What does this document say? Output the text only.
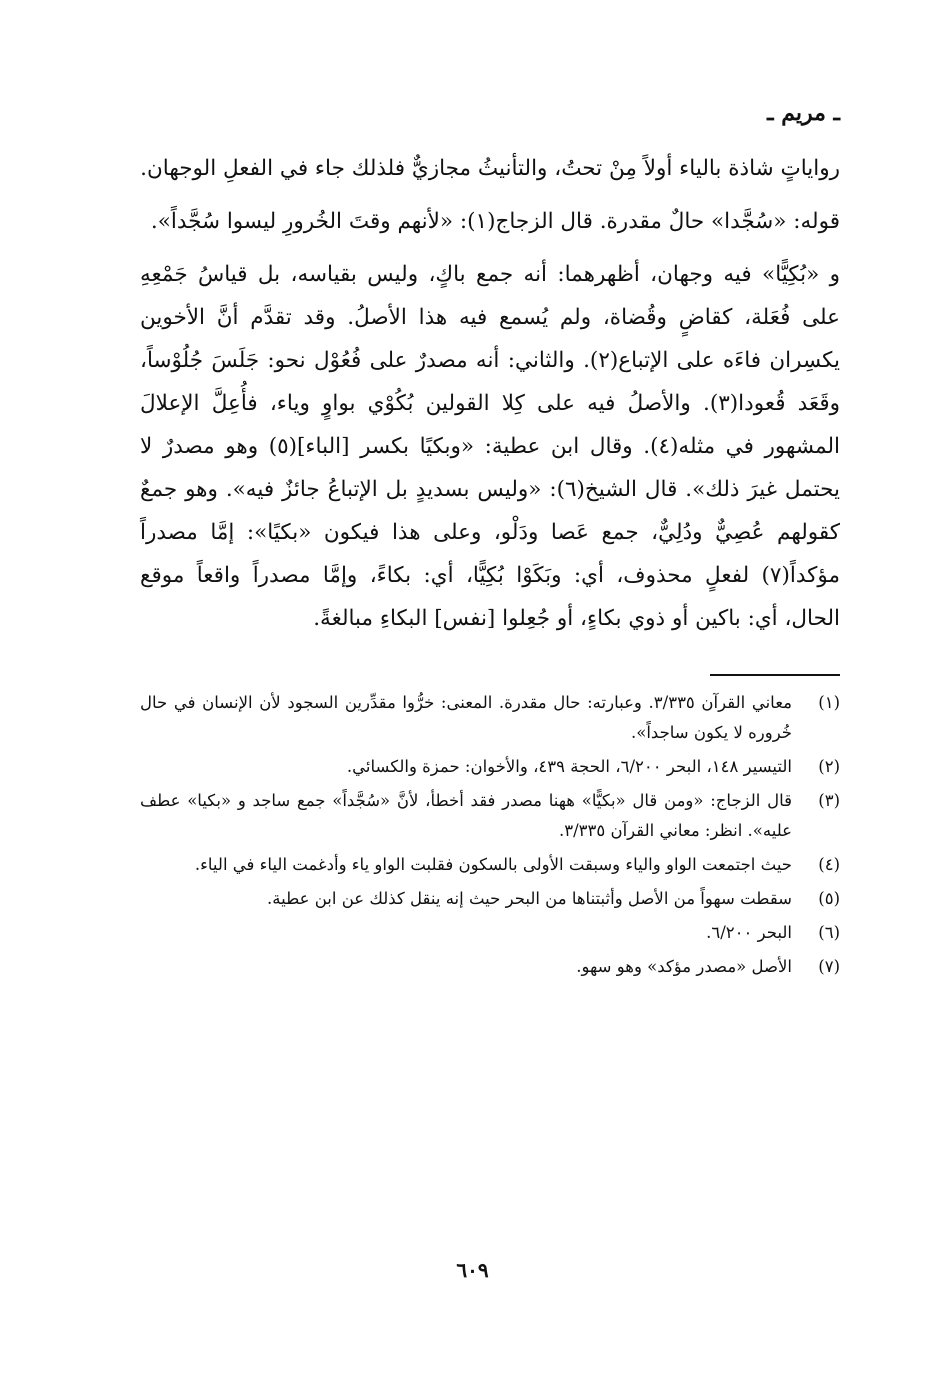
ـ مريم ـ

رواياتٍ شاذة بالياء أولاً مِنْ تحتُ، والتأنيثُ مجازيٌّ فلذلك جاء في الفعلِ الوجهان.

قوله: «سُجَّدا» حالٌ مقدرة. قال الزجاج(١): «لأنهم وقتَ الخُرورِ ليسوا سُجَّداً».

و «بُكِيًّا» فيه وجهان، أظهرهما: أنه جمع باكٍ، وليس بقياسه، بل قياسُ جَمْعِهِ على فُعَلة، كقاضٍ وقُضاة، ولم يُسمع فيه هذا الأصلُ. وقد تقدَّم أنَّ الأخوين يكسِران فاءَه على الإتباع(٢). والثاني: أنه مصدرٌ على فُعُوْل نحو: جَلَسَ جُلُوْساً، وقَعَد قُعودا(٣). والأصلُ فيه على كِلا القولين بُكُوْي بواوٍ وياء، فأُعِلَّ الإعلالَ المشهور في مثله(٤). وقال ابن عطية: «وبكيًا بكسر [الباء](٥) وهو مصدرٌ لا يحتمل غيرَ ذلك». قال الشيخ(٦): «وليس بسديدٍ بل الإتباعُ جائزٌ فيه». وهو جمعٌ كقولهم عُصِيٌّ ودُلِيٌّ، جمع عَصا ودَلْو، وعلى هذا فيكون «بكيًا»: إمَّا مصدراً مؤكداً(٧) لفعلٍ محذوف، أي: وبَكَوْا بُكِيًّا، أي: بكاءً، وإمَّا مصدراً واقعاً موقع الحال، أي: باكين أو ذوي بكاءٍ، أو جُعِلوا [نفس] البكاءِ مبالغةً.

(١)
معاني القرآن ٣/٣٣٥. وعبارته: حال مقدرة. المعنى: خرُّوا مقدِّرين السجود لأن الإنسان في حال خُروره لا يكون ساجداً».
(٢)
التيسير ١٤٨، البحر ٦/٢٠٠، الحجة ٤٣٩، والأخوان: حمزة والكسائي.
(٣)
قال الزجاج: «ومن قال «بكيًّا» ههنا مصدر فقد أخطأ، لأنَّ «سُجَّداً» جمع ساجد و «بكيا» عطف عليه». انظر: معاني القرآن ٣/٣٣٥.
(٤)
حيث اجتمعت الواو والياء وسبقت الأولى بالسكون فقلبت الواو ياء وأدغمت الياء في الياء.
(٥)
سقطت سهواً من الأصل وأثبتناها من البحر حيث إنه ينقل كذلك عن ابن عطية.
(٦)
البحر ٦/٢٠٠.
(٧)
الأصل «مصدر مؤكد» وهو سهو.
٦٠٩
